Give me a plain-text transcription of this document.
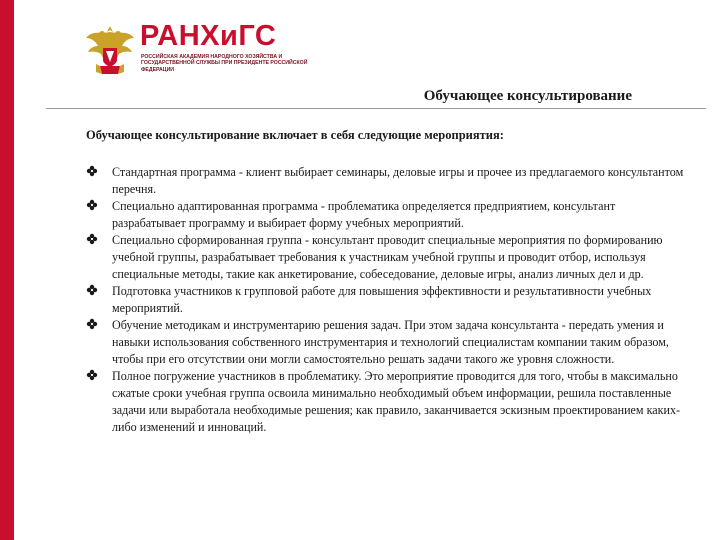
РАНХиГС
РОССИЙСКАЯ АКАДЕМИЯ НАРОДНОГО ХОЗЯЙСТВА И ГОСУДАРСТВЕННОЙ СЛУЖБЫ ПРИ ПРЕЗИДЕНТЕ РОССИЙСКОЙ ФЕДЕРАЦИИ
Обучающее консультирование
Обучающее консультирование включает в себя следующие мероприятия:
Стандартная программа - клиент выбирает семинары, деловые игры и прочее из предлагаемого консультантом перечня.
Специально адаптированная программа - проблематика определяется предприятием, консультант разрабатывает программу и выбирает форму учебных мероприятий.
Специально сформированная группа - консультант проводит специальные мероприятия по формированию учебной группы, разрабатывает требования к участникам учебной группы и проводит отбор, используя специальные методы, такие как анкетирование, собеседование, деловые игры, анализ личных дел и др.
Подготовка участников к групповой работе для повышения эффективности и результативности учебных мероприятий.
Обучение методикам и инструментарию решения задач. При этом задача консультанта - передать умения и навыки использования собственного инструментария и технологий специалистам компании таким образом, чтобы при его отсутствии они могли самостоятельно решать задачи такого же уровня сложности.
Полное погружение участников в проблематику. Это мероприятие проводится для того, чтобы в максимально сжатые сроки учебная группа освоила минимально необходимый объем информации, решила поставленные задачи или выработала необходимые решения; как правило, заканчивается эскизным проектированием каких-либо изменений и инноваций.
